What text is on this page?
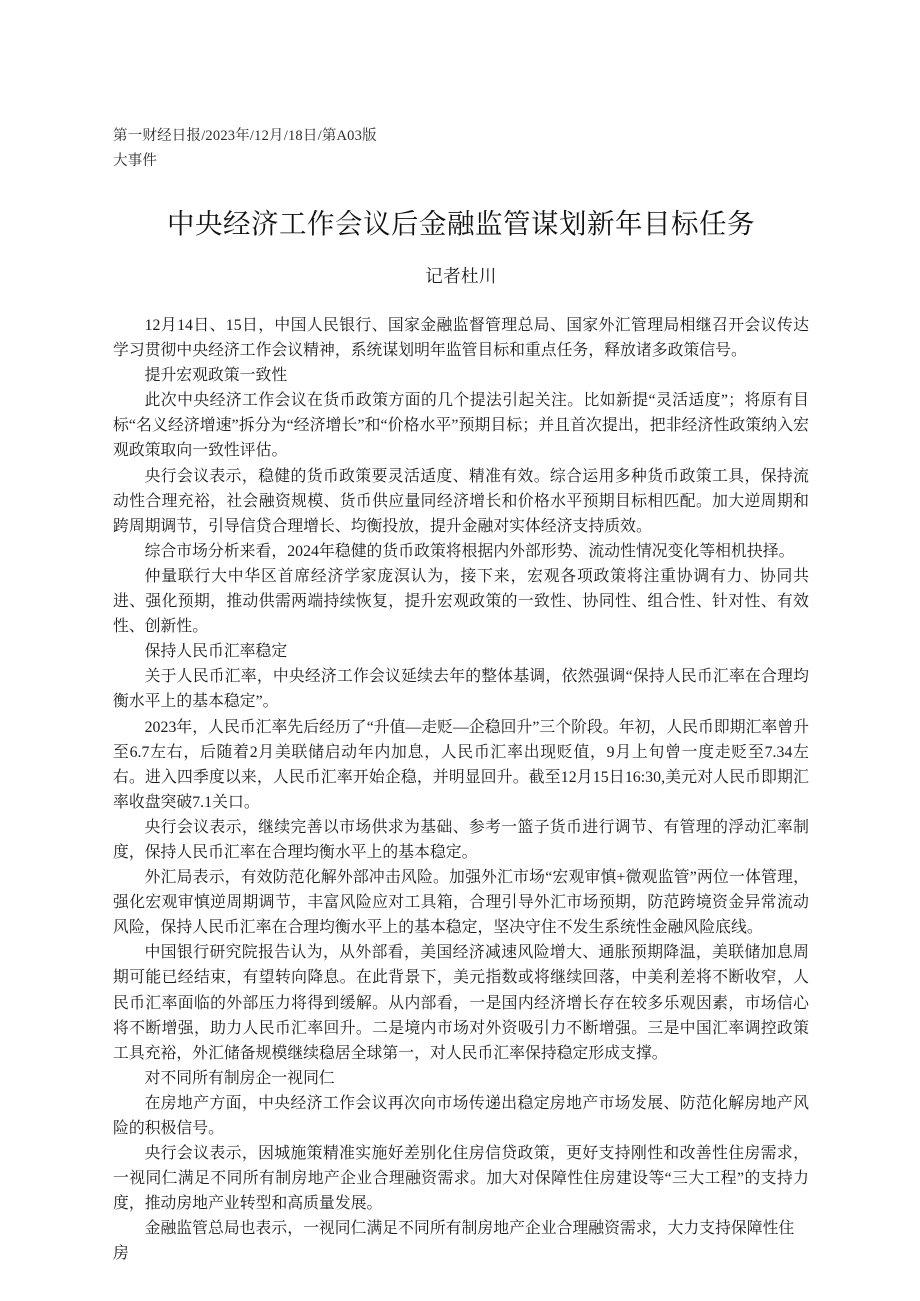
第一财经日报/2023年/12月/18日/第A03版
大事件
中央经济工作会议后金融监管谋划新年目标任务
记者杜川

12月14日、15日，中国人民银行、国家金融监督管理总局、国家外汇管理局相继召开会议传达学习贯彻中央经济工作会议精神，系统谋划明年监管目标和重点任务，释放诸多政策信号。

提升宏观政策一致性

此次中央经济工作会议在货币政策方面的几个提法引起关注。比如新提“灵活适度”；将原有目标“名义经济增速”拆分为“经济增长”和“价格水平”预期目标；并且首次提出，把非经济性政策纳入宏观政策取向一致性评估。

央行会议表示，稳健的货币政策要灵活适度、精准有效。综合运用多种货币政策工具，保持流动性合理充裕，社会融资规模、货币供应量同经济增长和价格水平预期目标相匹配。加大逆周期和跨周期调节，引导信贷合理增长、均衡投放，提升金融对实体经济支持质效。

综合市场分析来看，2024年稳健的货币政策将根据内外部形势、流动性情况变化等相机抉择。

仲量联行大中华区首席经济学家庞溟认为，接下来，宏观各项政策将注重协调有力、协同共进、强化预期，推动供需两端持续恢复，提升宏观政策的一致性、协同性、组合性、针对性、有效性、创新性。

保持人民币汇率稳定

关于人民币汇率，中央经济工作会议延续去年的整体基调，依然强调“保持人民币汇率在合理均衡水平上的基本稳定”。

2023年，人民币汇率先后经历了“升值—走贬—企稳回升”三个阶段。年初，人民币即期汇率曾升至6.7左右，后随着2月美联储启动年内加息，人民币汇率出现贬值，9月上旬曾一度走贬至7.34左右。进入四季度以来，人民币汇率开始企稳，并明显回升。截至12月15日16:30,美元对人民币即期汇率收盘突破7.1关口。

央行会议表示，继续完善以市场供求为基础、参考一篮子货币进行调节、有管理的浮动汇率制度，保持人民币汇率在合理均衡水平上的基本稳定。

外汇局表示，有效防范化解外部冲击风险。加强外汇市场“宏观审慎+微观监管”两位一体管理，强化宏观审慎逆周期调节，丰富风险应对工具箱，合理引导外汇市场预期，防范跨境资金异常流动风险，保持人民币汇率在合理均衡水平上的基本稳定，坚决守住不发生系统性金融风险底线。

中国银行研究院报告认为，从外部看，美国经济减速风险增大、通胀预期降温，美联储加息周期可能已经结束，有望转向降息。在此背景下，美元指数或将继续回落，中美利差将不断收窄，人民币汇率面临的外部压力将得到缓解。从内部看，一是国内经济增长存在较多乐观因素，市场信心将不断增强，助力人民币汇率回升。二是境内市场对外资吸引力不断增强。三是中国汇率调控政策工具充裕，外汇储备规模继续稳居全球第一，对人民币汇率保持稳定形成支撑。

对不同所有制房企一视同仁

在房地产方面，中央经济工作会议再次向市场传递出稳定房地产市场发展、防范化解房地产风险的积极信号。

央行会议表示，因城施策精准实施好差别化住房信贷政策，更好支持刚性和改善性住房需求，一视同仁满足不同所有制房地产企业合理融资需求。加大对保障性住房建设等“三大工程”的支持力度，推动房地产业转型和高质量发展。

金融监管总局也表示，一视同仁满足不同所有制房地产企业合理融资需求，大力支持保障性住房
